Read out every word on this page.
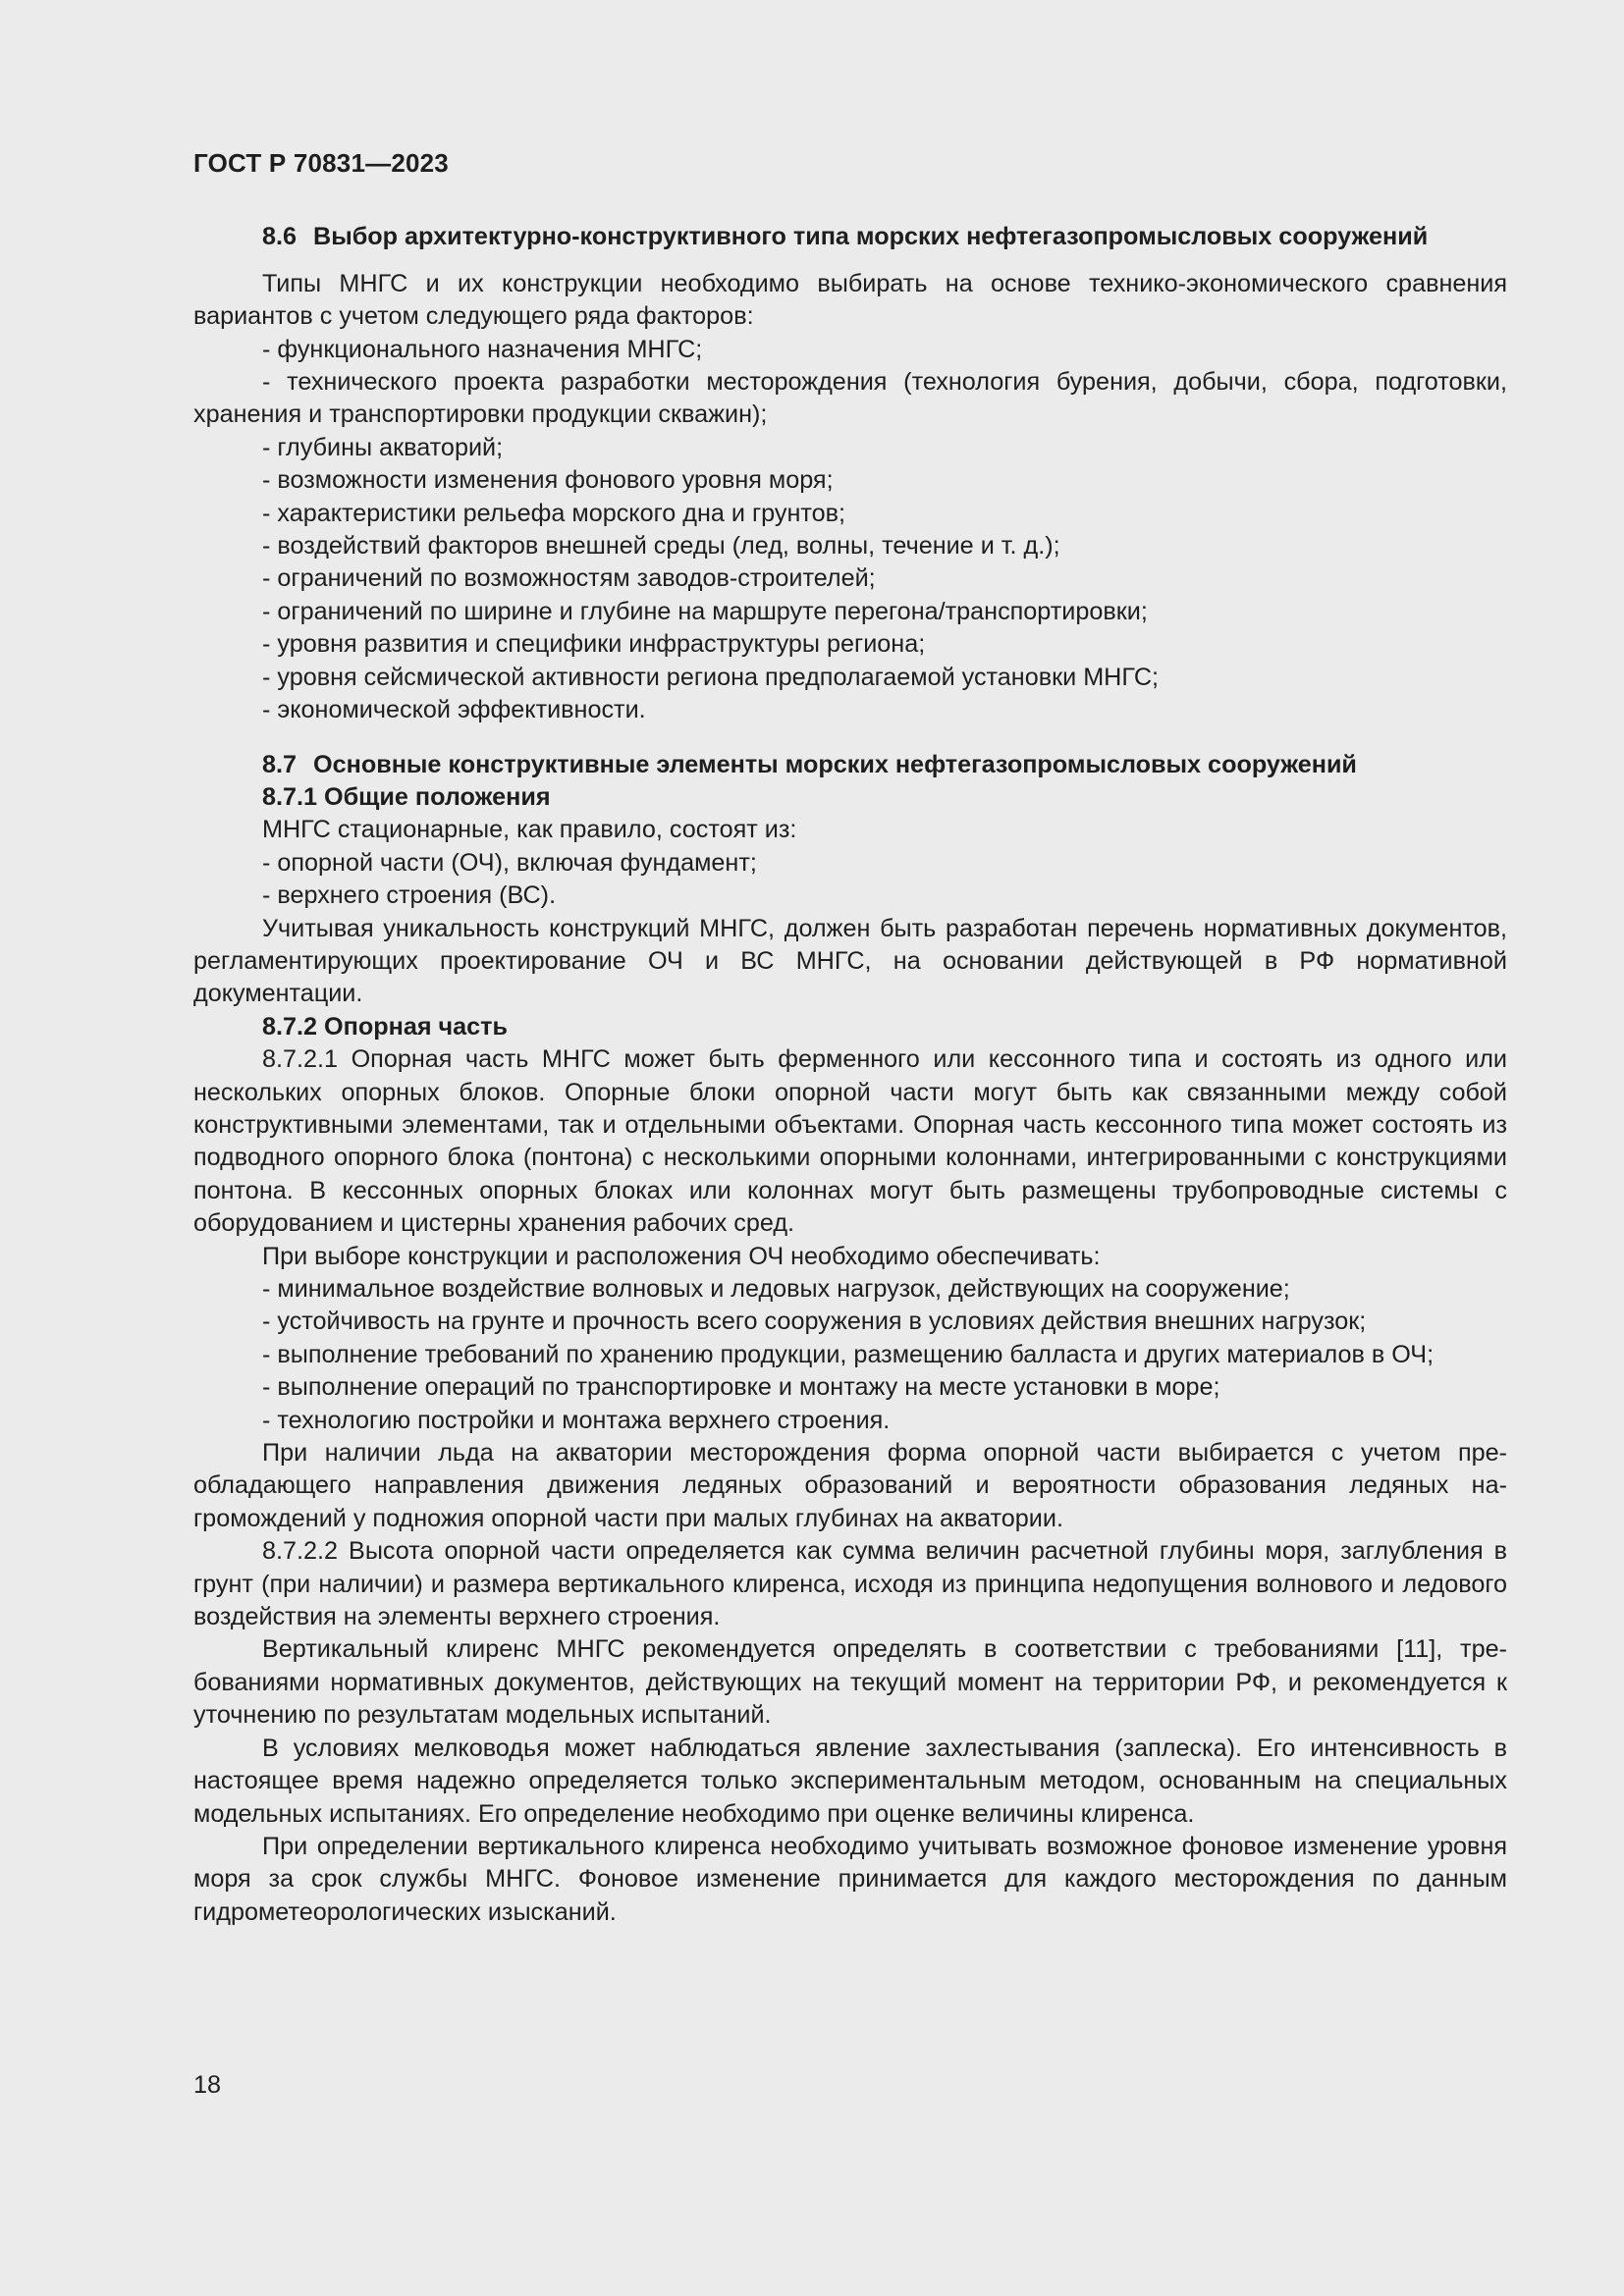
ГОСТ Р 70831—2023

8.6 Выбор архитектурно-конструктивного типа морских нефтегазопромысловых сооружений

Типы МНГС и их конструкции необходимо выбирать на основе технико-экономического сравнения вариантов с учетом следующего ряда факторов:

- функционального назначения МНГС;

- технического проекта разработки месторождения (технология бурения, добычи, сбора, подготовки, хранения и транспортировки продукции скважин);

- глубины акваторий;

- возможности изменения фонового уровня моря;

- характеристики рельефа морского дна и грунтов;

- воздействий факторов внешней среды (лед, волны, течение и т. д.);

- ограничений по возможностям заводов-строителей;

- ограничений по ширине и глубине на маршруте перегона/транспортировки;

- уровня развития и специфики инфраструктуры региона;

- уровня сейсмической активности региона предполагаемой установки МНГС;

- экономической эффективности.

8.7 Основные конструктивные элементы морских нефтегазопромысловых сооружений

8.7.1 Общие положения

МНГС стационарные, как правило, состоят из:

- опорной части (ОЧ), включая фундамент;

- верхнего строения (ВС).

Учитывая уникальность конструкций МНГС, должен быть разработан перечень нормативных документов, регламентирующих проектирование ОЧ и ВС МНГС, на основании действующей в РФ нормативной документации.

8.7.2 Опорная часть

8.7.2.1 Опорная часть МНГС может быть ферменного или кессонного типа и состоять из одного или нескольких опорных блоков. Опорные блоки опорной части могут быть как связанными между собой конструктивными элементами, так и отдельными объектами. Опорная часть кессонного типа может состоять из подводного опорного блока (понтона) с несколькими опорными колоннами, интегрированными с конструкциями понтона. В кессонных опорных блоках или колоннах могут быть размещены трубопроводные системы с оборудованием и цистерны хранения рабочих сред.

При выборе конструкции и расположения ОЧ необходимо обеспечивать:

- минимальное воздействие волновых и ледовых нагрузок, действующих на сооружение;

- устойчивость на грунте и прочность всего сооружения в условиях действия внешних нагрузок;

- выполнение требований по хранению продукции, размещению балласта и других материалов в ОЧ;

- выполнение операций по транспортировке и монтажу на месте установки в море;

- технологию постройки и монтажа верхнего строения.

При наличии льда на акватории месторождения форма опорной части выбирается с учетом преобладающего направления движения ледяных образований и вероятности образования ледяных нагромождений у подножия опорной части при малых глубинах на акватории.

8.7.2.2 Высота опорной части определяется как сумма величин расчетной глубины моря, заглубления в грунт (при наличии) и размера вертикального клиренса, исходя из принципа недопущения волнового и ледового воздействия на элементы верхнего строения.

Вертикальный клиренс МНГС рекомендуется определять в соответствии с требованиями [11], требованиями нормативных документов, действующих на текущий момент на территории РФ, и рекомендуется к уточнению по результатам модельных испытаний.

В условиях мелководья может наблюдаться явление захлестывания (заплеска). Его интенсивность в настоящее время надежно определяется только экспериментальным методом, основанным на специальных модельных испытаниях. Его определение необходимо при оценке величины клиренса.

При определении вертикального клиренса необходимо учитывать возможное фоновое изменение уровня моря за срок службы МНГС. Фоновое изменение принимается для каждого месторождения по данным гидрометеорологических изысканий.

18
